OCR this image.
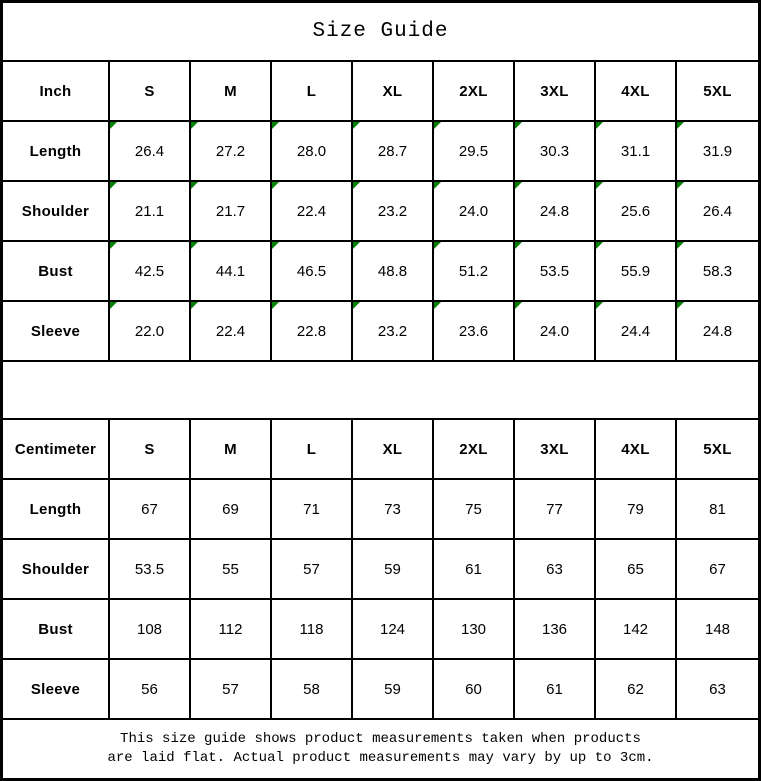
Size Guide
Inch	S	M	L	XL	2XL	3XL	4XL	5XL
Length	26.4	27.2	28.0	28.7	29.5	30.3	31.1	31.9
Shoulder	21.1	21.7	22.4	23.2	24.0	24.8	25.6	26.4
Bust	42.5	44.1	46.5	48.8	51.2	53.5	55.9	58.3
Sleeve	22.0	22.4	22.8	23.2	23.6	24.0	24.4	24.8
Centimeter	S	M	L	XL	2XL	3XL	4XL	5XL
Length	67	69	71	73	75	77	79	81
Shoulder	53.5	55	57	59	61	63	65	67
Bust	108	112	118	124	130	136	142	148
Sleeve	56	57	58	59	60	61	62	63
This size guide shows product measurements taken when products
are laid flat. Actual product measurements may vary by up to 3cm.
